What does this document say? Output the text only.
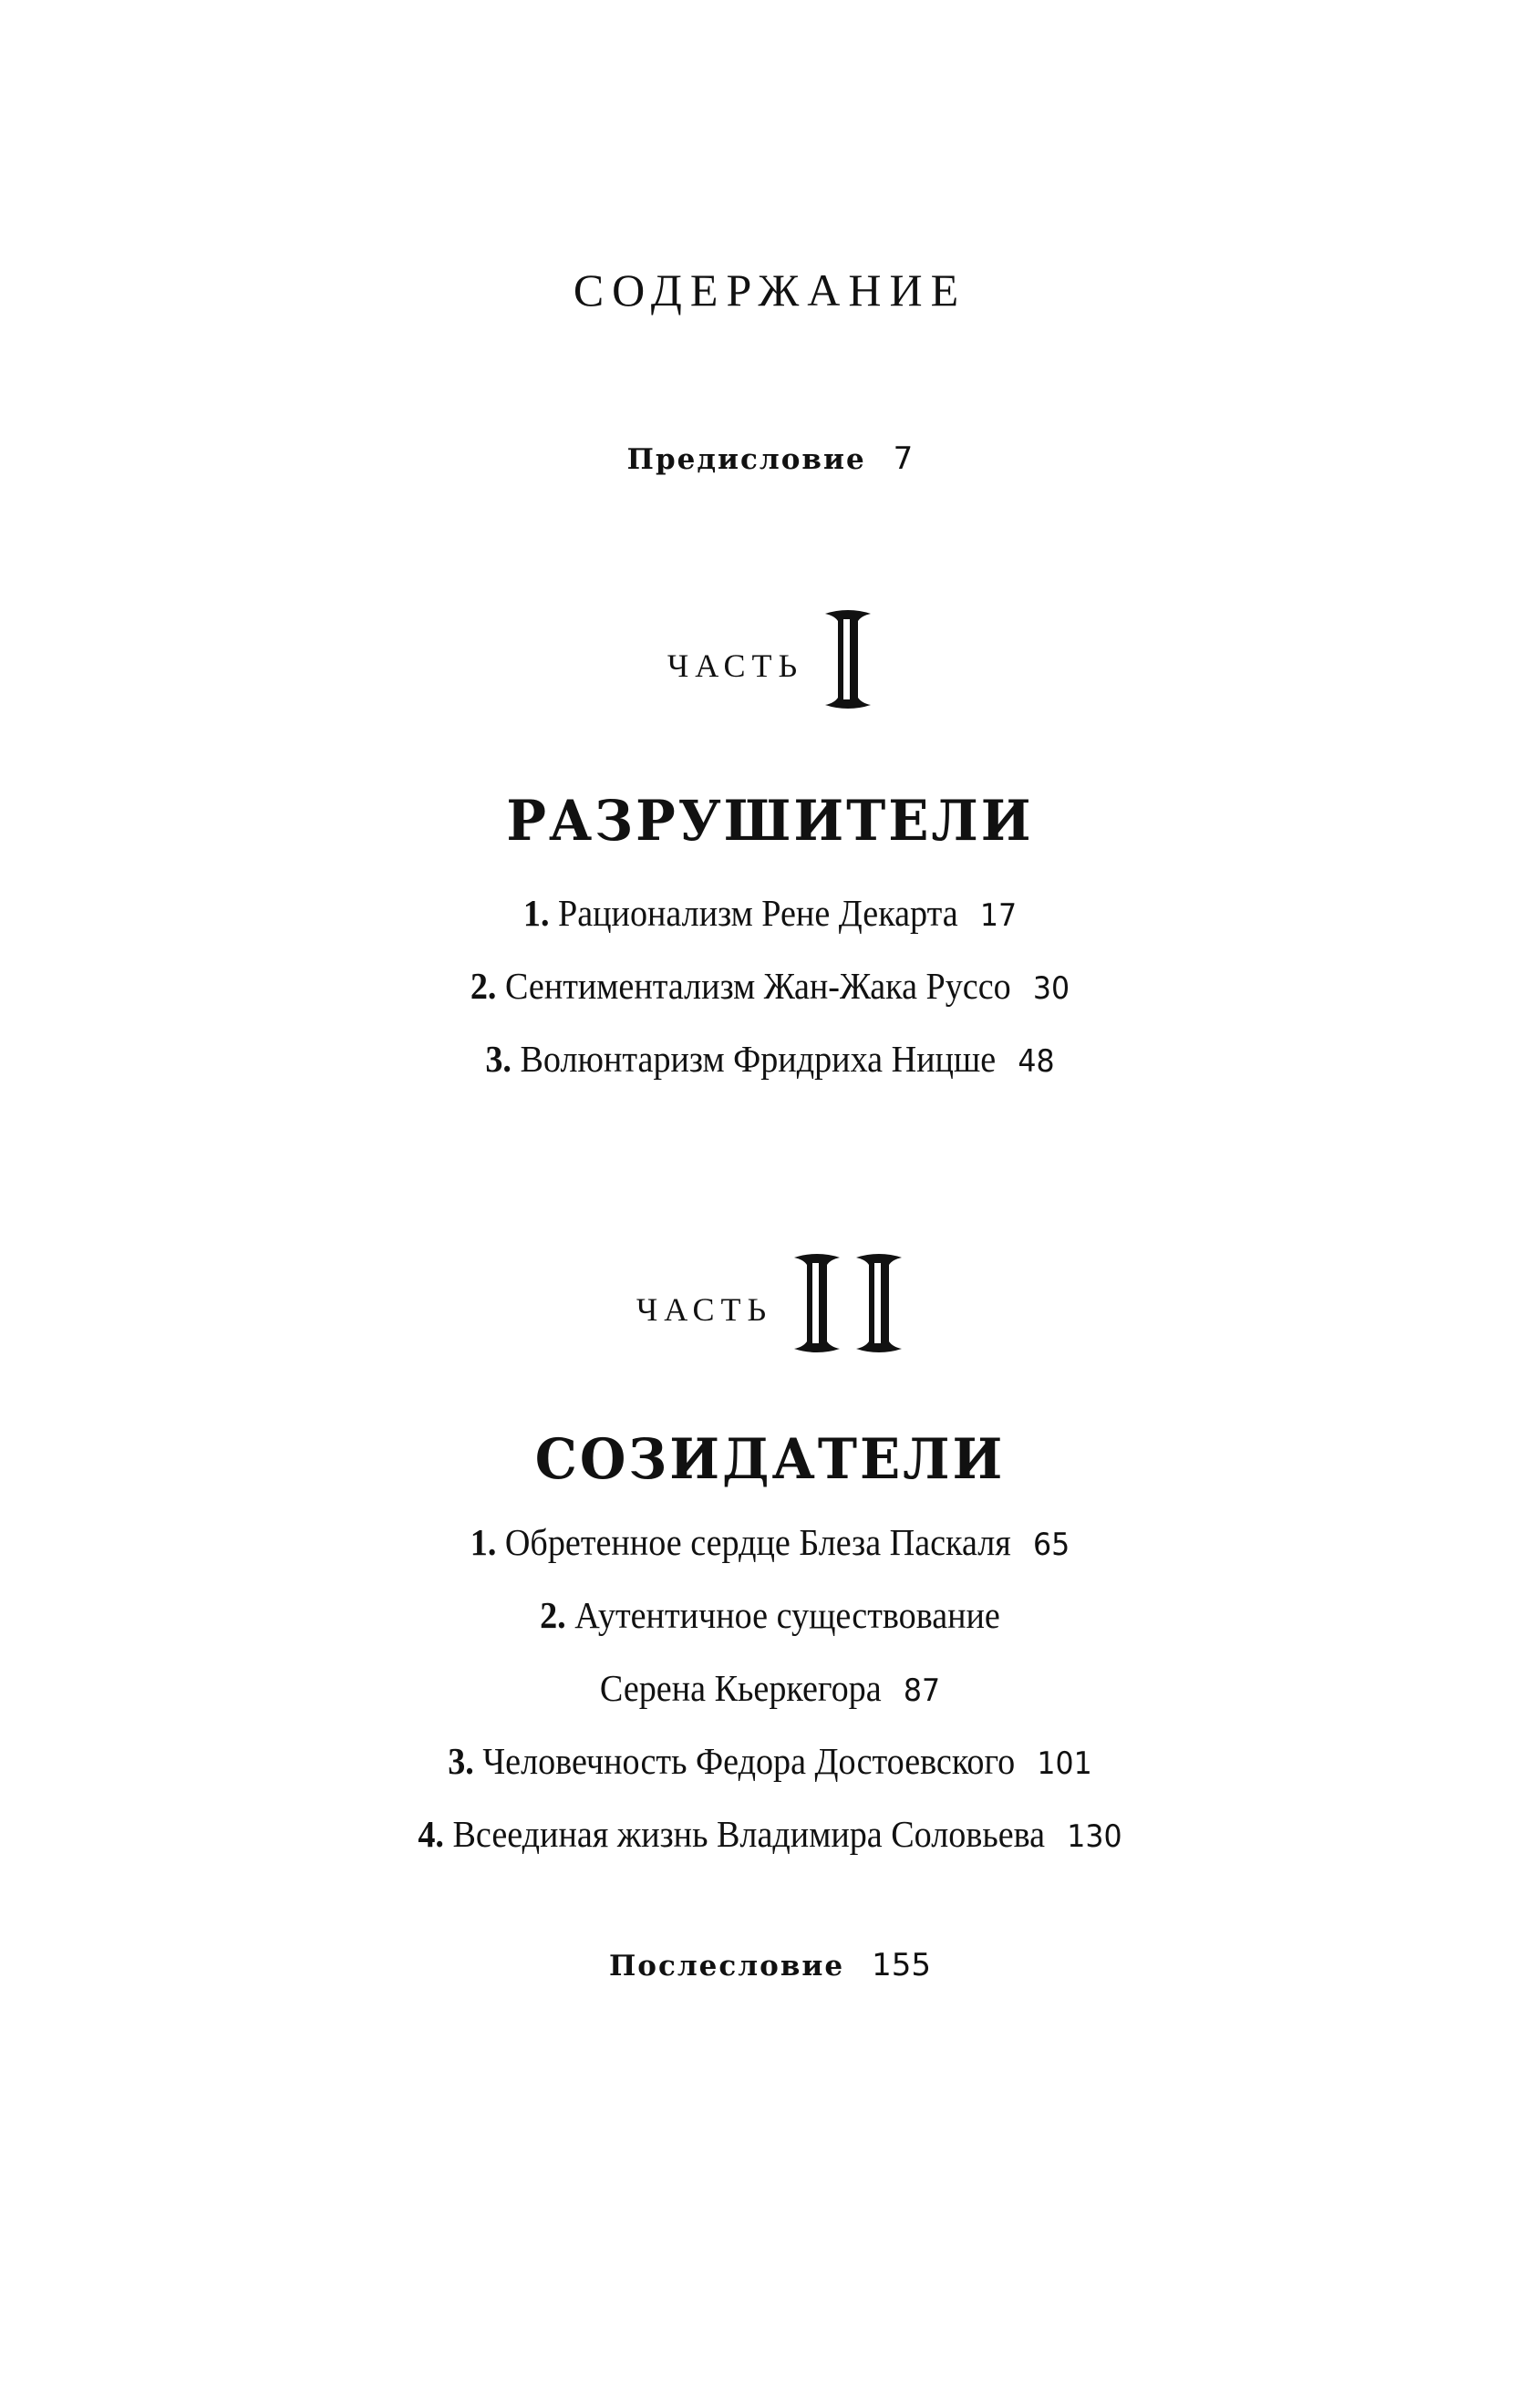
СОДЕРЖАНИЕ
Предисловие 7
ЧАСТЬ
РАЗРУШИТЕЛИ
1. Рационализм Рене Декарта 17
2. Сентиментализм Жан-Жака Руссо 30
3. Волюнтаризм Фридриха Ницше 48
ЧАСТЬ
СОЗИДАТЕЛИ
1. Обретенное сердце Блеза Паскаля 65
2. Аутентичное существование
Серена Кьеркегора 87
3. Человечность Федора Достоевского 101
4. Всеединая жизнь Владимира Соловьева 130
Послесловие 155
